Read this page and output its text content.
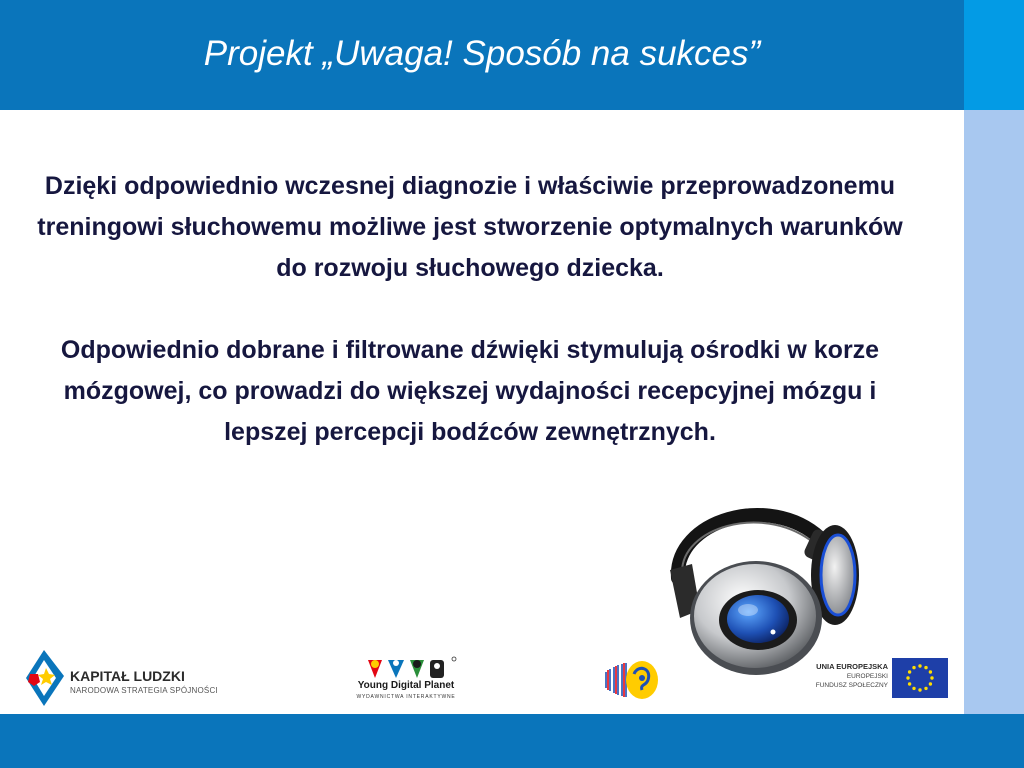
Projekt „Uwaga! Sposób na sukces”

Dzięki odpowiednio wczesnej diagnozie i właściwie przeprowadzonemu treningowi słuchowemu możliwe jest stworzenie optymalnych warunków do rozwoju słuchowego dziecka.

Odpowiednio dobrane i filtrowane dźwięki stymulują ośrodki w korze mózgowej, co prowadzi do większej wydajności recepcyjnej mózgu i lepszej percepcji bodźców zewnętrznych.

KAPITAŁ LUDZKI
NARODOWA STRATEGIA SPÓJNOŚCI	Young Digital Planet
WYDAWNICTWA INTERAKTYWNE
UNIA EUROPEJSKA
EUROPEJSKI
FUNDUSZ SPOŁECZNY
